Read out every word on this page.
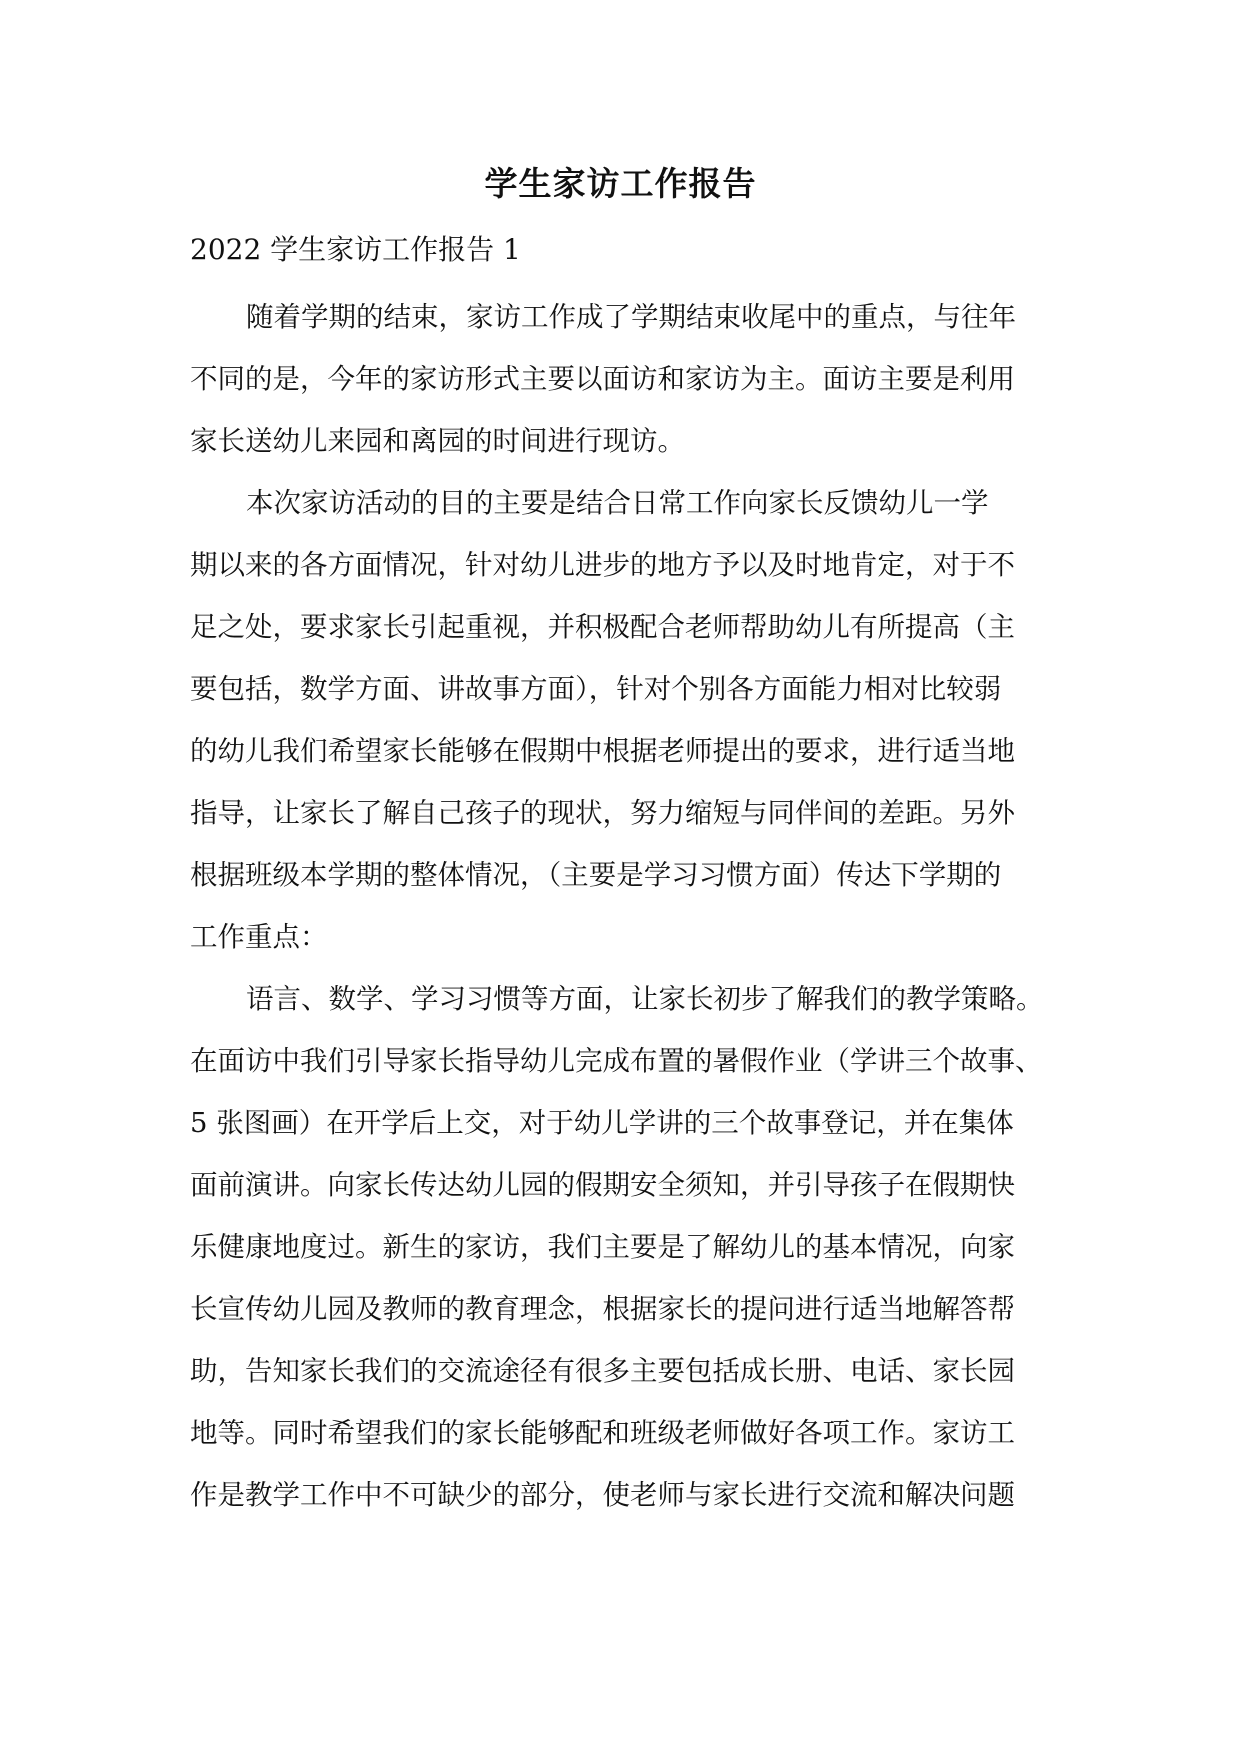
学生家访工作报告
2022 学生家访工作报告 1

随着学期的结束，家访工作成了学期结束收尾中的重点，与往年
不同的是，今年的家访形式主要以面访和家访为主。面访主要是利用
家长送幼儿来园和离园的时间进行现访。

本次家访活动的目的主要是结合日常工作向家长反馈幼儿一学
期以来的各方面情况，针对幼儿进步的地方予以及时地肯定，对于不
足之处，要求家长引起重视，并积极配合老师帮助幼儿有所提高（主
要包括，数学方面、讲故事方面），针对个别各方面能力相对比较弱
的幼儿我们希望家长能够在假期中根据老师提出的要求，进行适当地
指导，让家长了解自己孩子的现状，努力缩短与同伴间的差距。另外
根据班级本学期的整体情况，（主要是学习习惯方面）传达下学期的
工作重点：

语言、数学、学习习惯等方面，让家长初步了解我们的教学策略。
在面访中我们引导家长指导幼儿完成布置的暑假作业（学讲三个故事、
5 张图画）在开学后上交，对于幼儿学讲的三个故事登记，并在集体
面前演讲。向家长传达幼儿园的假期安全须知，并引导孩子在假期快
乐健康地度过。新生的家访，我们主要是了解幼儿的基本情况，向家
长宣传幼儿园及教师的教育理念，根据家长的提问进行适当地解答帮
助，告知家长我们的交流途径有很多主要包括成长册、电话、家长园
地等。同时希望我们的家长能够配和班级老师做好各项工作。家访工
作是教学工作中不可缺少的部分，使老师与家长进行交流和解决问题
